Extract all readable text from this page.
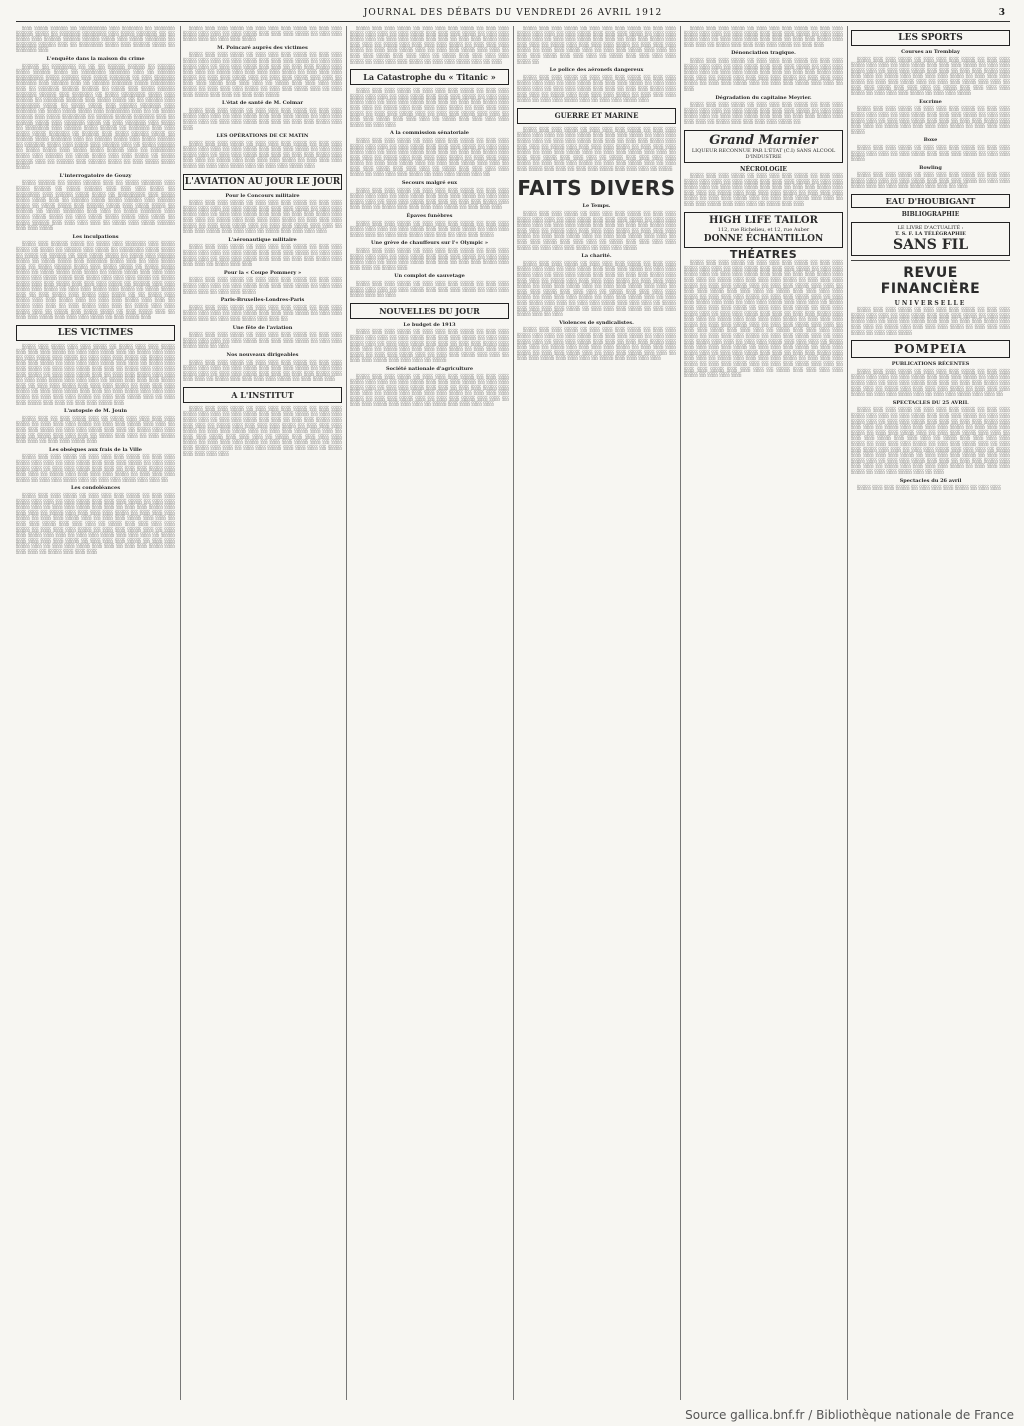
JOURNAL DES DÉBATS DU VENDREDI 26 AVRIL 1912	3
░░░ ░░░░ ░░░░░ ░░ ░░░░░░░░ ░░░ ░░░░░░ ░░ ░░░░░░ ░░░░░ ░░░░ ░░ ░░░░░░ ░░░░░░░ ░░░ ░░░░ ░░░░░░ ░░ ░░ ░░░░ ░░░ ░░░░░ ░░░░░ ░░░░░ ░░░░ ░░░ ░░░░ ░░░░░░ ░░ ░░░░░░ ░░░░░ ░░░ ░░ ░░░░░░░ ░░░░ ░░░ ░░░░░ ░░░░ ░░ ░░░░░░ ░░░
L'enquête dans la maison du crime
░░░░░ ░░ ░░░░░░░ ░░ ░░ ░░ ░░░░░ ░░░░░ ░░ ░░░░░ ░░░░ ░░░░░ ░░░░ ░░ ░░░░░░░ ░░░░░░ ░░░ ░░ ░░░░░ ░░░░░░░░ ░░░░ ░░░░░ ░░░ ░░░░ ░░░░░░ ░░ ░░░ ░░░░░░ ░░░░░░ ░░░ ░░░░░ ░░░ ░░ ░░░░░ ░░░░░░ ░░░░ ░░░░░░░ ░░░ ░░ ░░░░░░ ░░░░░ ░░░░░ ░░ ░░░░ ░░░ ░░░░ ░░░░░ ░░░░░░ ░░░░░ ░░░ ░░░░░░ ░░ ░░░░ ░░░░░░░ ░░░░ ░░░ ░░░░░ ░░ ░░░░░░ ░░░░░ ░░░ ░░░░ ░░░░ ░░ ░░ ░░░░░ ░░░ ░░░░░░░ ░░░░ ░░ ░░░░ ░░░░ ░░░ ░░░░░ ░░░░░░ ░░░ ░░░░░░ ░░ ░░░░ ░░░░ ░░░░ ░░░ ░░░░░░░ ░░░ ░░ ░░ ░░░░ ░░░░░ ░░░ ░░░░ ░░░░░░░ ░░ ░░░░░ ░░░░░ ░░░░░░ ░░░ ░░ ░░░░░ ░░░░ ░░░ ░░░░░░ ░░░░ ░░ ░░░ ░░░░░░ ░░░ ░░░░ ░░ ░░░░░░░ ░░░ ░░░░░ ░░░░ ░░░░░ ░░ ░░░░░░ ░░░ ░░░ ░░░░ ░░░░ ░░░░░░ ░░ ░░░░░ ░░░ ░░░░ ░░░░░ ░░░░ ░░ ░░░░░ ░░░░ ░░░░░░ ░░░ ░░ ░░░░░ ░░░░ ░░░ ░░░░ ░░░░░ ░░ ░░░░░░ ░░░░ ░░░ ░░░░ ░░░ ░░░░░ ░░░ ░░ ░░░░ ░░░░░ ░░ ░░░░ ░░░░ ░░░ ░░░░ ░░░░ ░░░░░ ░░░ ░░ ░░░░░░░ ░░░░ ░░░ ░░░░░ ░░ ░░░░ ░░░░ ░░░ ░░░ ░░░░ ░░ ░░░░ ░░░░░ ░░░ ░░ ░░░░░ ░░░ ░░░░░ ░░░░ ░░ ░░░ ░░░░ ░░░░ ░░░░
L'interrogatoire de Gouzy
░░░░ ░░░░░ ░░ ░░░░ ░░░░░ ░░░ ░░ ░░░░ ░░░░░░ ░░░ ░░░░ ░░░░░ ░░ ░░░░ ░░░░░ ░░░ ░░░ ░░░ ░░░░ ░░ ░░░░░░░ ░░░ ░░░░░ ░░░░ ░░░░ ░░ ░░░░░░░░ ░░░ ░░░░ ░░░░ ░░░░ ░░░ ░░ ░░░░░ ░░░░ ░░░░ ░░░░░ ░░░ ░░░░░ ░░░░ ░░ ░░░░ ░░░░ ░░░ ░░░░░ ░░░░ ░░░ ░░░░ ░░░░ ░░ ░░░░░ ░░ ░░░░ ░░░░░░ ░░░ ░░░ ░░ ░░░░ ░░░░░░ ░░░ ░░░░ ░░░░ ░░░░ ░░ ░░░ ░░░░ ░░░░ ░░░░ ░░░ ░░░░ ░░ ░░░░ ░░░░░ ░░░ ░░░ ░░░ ░░░ ░░ ░░░░ ░░░ ░░░░ ░░░░░ ░░░ ░░░ ░░░░
Les inculpations
░░░░ ░░░ ░░░░░ ░░░░ ░░ ░░░░ ░░░ ░░░░░░ ░░░ ░░░░ ░░░░ ░░ ░░░░ ░░ ░░░░░ ░░░ ░░░░ ░░ ░░░░░░░ ░░░░ ░░░░ ░░ ░░░░ ░░ ░░░░░ ░░ ░░░ ░░░░ ░░░░ ░░ ░░░░ ░░░ ░░░░░ ░░░░ ░░ ░░░░ ░░░░ ░░░ ░░░░░░ ░░░░ ░░░ ░░ ░░░ ░░░░ ░░░ ░░ ░░░░ ░░░░░ ░░░░ ░░░ ░░░░ ░░░░ ░░ ░░░░ ░░░░ ░░░░ ░░ ░░░░ ░░░░ ░░░ ░░░░ ░░ ░░░░ ░░░░ ░░░ ░░░ ░░░ ░░░░ ░░░ ░░░░ ░░░░ ░░░ ░░░░ ░░░ ░░░ ░░░ ░░░░ ░░ ░░░░ ░░░░ ░░░ ░░░ ░░░░ ░░░ ░░░ ░░░ ░░░░ ░░ ░░░░░ ░░░ ░░░ ░░░░ ░░░ ░░░░ ░░ ░░░ ░░░ ░░░░ ░░░ ░░░░ ░░ ░░░░ ░░░░ ░░░ ░░ ░░░ ░░░░ ░░░ ░░░░ ░░░ ░░░░ ░░ ░░ ░░░░ ░░░ ░░░░ ░░░ ░░░ ░░░░ ░░░ ░░ ░░░ ░░░ ░░░░ ░░░ ░░░ ░░ ░░░░ ░░░ ░░░ ░░ ░░░ ░░░░ ░░░ ░░░ ░░ ░░░░ ░░░ ░░░ ░░░░ ░░░ ░░ ░░░░ ░░░ ░░░░ ░░░░ ░░ ░░░ ░░░░ ░░░ ░░ ░░░ ░░░ ░░░░ ░░░ ░░░ ░░░ ░░░░ ░░ ░░░ ░░░░ ░░░
LES VICTIMES
░░░░ ░░░ ░░░░ ░░░ ░░░ ░░░░ ░░ ░░░░ ░░░ ░░░ ░░░░ ░░░ ░░░ ░░░ ░░░░ ░░ ░░░ ░░░ ░░░░ ░░░ ░░ ░░░░ ░░░ ░░░ ░░ ░░░ ░░░░ ░░░ ░░░░ ░░ ░░░ ░░░ ░░░ ░░░░ ░░ ░░░░ ░░░ ░░░ ░░░ ░░░░ ░░ ░░░ ░░░ ░░░ ░░░░ ░░░ ░░░ ░░ ░░░░ ░░░ ░░░ ░░░░ ░░ ░░░ ░░░ ░░░░ ░░░ ░░░ ░░ ░░░░ ░░░ ░░░ ░░░ ░░░ ░░░░ ░░ ░░░ ░░░ ░░░░ ░░░ ░░ ░░░ ░░░ ░░░░ ░░░ ░░░ ░░ ░░░ ░░░ ░░░░ ░░░ ░░░ ░░░ ░░ ░░░░ ░░░ ░░░ ░░░ ░░░░ ░░░ ░░ ░░░ ░░░ ░░░░ ░░░ ░░░ ░░░ ░░░░ ░░ ░░░ ░░░ ░░░ ░░░░ ░░ ░░░ ░░░ ░░░░ ░░░ ░░░ ░░ ░░░ ░░░░ ░░░ ░░░ ░░░ ░░░░ ░░ ░░░ ░░░ ░░░ ░░░░ ░░ ░░░ ░░░ ░░░░ ░░░ ░░ ░░░ ░░░ ░░░░ ░░░ ░░░ ░░ ░░░ ░░░ ░░░░ ░░░
L'autopsie de M. Jouin
░░░░ ░░░ ░░ ░░░ ░░░░ ░░░ ░░ ░░░░ ░░░ ░░░ ░░░ ░░░ ░░░░ ░░ ░░░ ░░░ ░░░ ░░░░ ░░ ░░░ ░░░ ░░░░ ░░░ ░░░ ░░ ░░░ ░░░ ░░░░ ░░ ░░░ ░░░ ░░░░ ░░░ ░░░ ░░ ░░░░ ░░░ ░░░ ░░░ ░░ ░░░░ ░░░ ░░░ ░░░ ░░ ░░░░ ░░░ ░░░ ░░ ░░░ ░░░░ ░░░ ░░░ ░░ ░░░ ░░░ ░░░░ ░░░
Les obsèques aux frais de la Ville
░░░░ ░░░ ░░░ ░░░░ ░░ ░░░ ░░░ ░░░ ░░░░ ░░ ░░░ ░░░ ░░░░ ░░░ ░░░ ░░ ░░░ ░░░░ ░░░ ░░░ ░░░ ░░░░ ░░ ░░░ ░░░ ░░░░ ░░░ ░░ ░░░ ░░░ ░░░░ ░░░ ░░░ ░░ ░░░ ░░░ ░░░░ ░░░ ░░░ ░░░ ░░ ░░░░ ░░░ ░░░ ░░░ ░░░ ░░░░ ░░ ░░░ ░░░ ░░░ ░░░░ ░░ ░░░ ░░░ ░░░░ ░░░ ░░ ░░░ ░░░ ░░░░ ░░░ ░░░ ░░
Les condoléances
░░░░ ░░░ ░░░ ░░░░ ░░ ░░░ ░░░ ░░░ ░░░░ ░░ ░░░ ░░░ ░░░░ ░░░ ░░░ ░░ ░░░ ░░░░ ░░░ ░░░ ░░░ ░░░░ ░░ ░░░ ░░░ ░░░░ ░░░ ░░ ░░░ ░░░ ░░░░ ░░░ ░░░ ░░ ░░░ ░░░ ░░░░ ░░░ ░░░ ░░░ ░░ ░░░░ ░░░ ░░░ ░░░ ░░░ ░░░░ ░░ ░░░ ░░░ ░░░ ░░░░ ░░ ░░░ ░░░ ░░░░ ░░░ ░░ ░░░ ░░░ ░░░░ ░░░ ░░░ ░░ ░░░ ░░░ ░░░░ ░░░ ░░░ ░░░ ░░ ░░░░ ░░░ ░░░ ░░░ ░░░ ░░░░ ░░ ░░░ ░░░ ░░░ ░░░░ ░░ ░░░ ░░░ ░░░░ ░░░ ░░ ░░░ ░░░ ░░░░ ░░░ ░░░ ░░ ░░░ ░░░ ░░░░ ░░░ ░░░ ░░░ ░░ ░░░░ ░░░ ░░░ ░░░ ░░░ ░░░░ ░░ ░░░ ░░░ ░░░ ░░░░ ░░ ░░░ ░░░ ░░░░ ░░░ ░░ ░░░ ░░░ ░░░░ ░░░ ░░░ ░░ ░░░ ░░░ ░░░░ ░░░ ░░░ ░░░ ░░ ░░░░ ░░░ ░░░ ░░░
░░░░ ░░░ ░░░ ░░░░ ░░ ░░░ ░░░ ░░░ ░░░░ ░░ ░░░ ░░░ ░░░░ ░░░ ░░░ ░░ ░░░ ░░░░ ░░░ ░░░ ░░░ ░░░░ ░░ ░░░ ░░░ ░░░░ ░░░ ░░ ░░░ ░░░ ░░░░
M. Poincaré auprès des victimes
░░░░ ░░░ ░░░ ░░░░ ░░ ░░░ ░░░ ░░░ ░░░░ ░░ ░░░ ░░░ ░░░░ ░░░ ░░░ ░░ ░░░ ░░░░ ░░░ ░░░ ░░░ ░░░░ ░░ ░░░ ░░░ ░░░░ ░░░ ░░ ░░░ ░░░ ░░░░ ░░░ ░░░ ░░ ░░░ ░░░ ░░░░ ░░░ ░░░ ░░░ ░░ ░░░░ ░░░ ░░░ ░░░ ░░░ ░░░░ ░░ ░░░ ░░░ ░░░ ░░░░ ░░ ░░░ ░░░ ░░░░ ░░░ ░░ ░░░ ░░░ ░░░░ ░░░ ░░░ ░░ ░░░ ░░░ ░░░░ ░░░ ░░░ ░░░ ░░ ░░░░ ░░░ ░░░ ░░░ ░░░ ░░░░ ░░ ░░░ ░░░ ░░░ ░░░░ ░░ ░░░ ░░░ ░░░░ ░░░ ░░ ░░░ ░░░ ░░░░ ░░░ ░░░ ░░ ░░░ ░░░ ░░░░
L'état de santé de M. Colmar
░░░░ ░░░ ░░░ ░░░░ ░░ ░░░ ░░░ ░░░ ░░░░ ░░ ░░░ ░░░ ░░░░ ░░░ ░░░ ░░ ░░░ ░░░░ ░░░ ░░░ ░░░ ░░░░ ░░ ░░░ ░░░ ░░░░ ░░░ ░░ ░░░ ░░░ ░░░░ ░░░ ░░░ ░░ ░░░ ░░░ ░░░░ ░░░ ░░░
LES OPÉRATIONS DE CE MATIN
░░░░ ░░░ ░░░ ░░░░ ░░ ░░░ ░░░ ░░░ ░░░░ ░░ ░░░ ░░░ ░░░░ ░░░ ░░░ ░░ ░░░ ░░░░ ░░░ ░░░ ░░░ ░░░░ ░░ ░░░ ░░░ ░░░░ ░░░ ░░ ░░░ ░░░ ░░░░ ░░░ ░░░ ░░ ░░░ ░░░ ░░░░ ░░░ ░░░ ░░░ ░░ ░░░░ ░░░ ░░░ ░░░ ░░░ ░░░░ ░░ ░░░ ░░░ ░░░ ░░░░ ░░ ░░░ ░░░ ░░░░ ░░░ ░░ ░░░ ░░░ ░░░░ ░░░
L'AVIATION AU JOUR LE JOUR
Pour le Concours militaire
░░░░ ░░░ ░░░ ░░░░ ░░ ░░░ ░░░ ░░░ ░░░░ ░░ ░░░ ░░░ ░░░░ ░░░ ░░░ ░░ ░░░ ░░░░ ░░░ ░░░ ░░░ ░░░░ ░░ ░░░ ░░░ ░░░░ ░░░ ░░ ░░░ ░░░ ░░░░ ░░░ ░░░ ░░ ░░░ ░░░ ░░░░ ░░░ ░░░ ░░░ ░░ ░░░░ ░░░ ░░░ ░░░ ░░░ ░░░░ ░░ ░░░ ░░░ ░░░ ░░░░ ░░ ░░░ ░░░ ░░░░ ░░░ ░░ ░░░ ░░░ ░░░░ ░░░ ░░░ ░░ ░░░ ░░░ ░░░░ ░░░ ░░░ ░░░ ░░ ░░░░ ░░░ ░░░ ░░░ ░░░
L'aéronautique militaire
░░░░ ░░░ ░░░ ░░░░ ░░ ░░░ ░░░ ░░░ ░░░░ ░░ ░░░ ░░░ ░░░░ ░░░ ░░░ ░░ ░░░ ░░░░ ░░░ ░░░ ░░░ ░░░░ ░░ ░░░ ░░░ ░░░░ ░░░ ░░ ░░░ ░░░ ░░░░ ░░░ ░░░ ░░ ░░░ ░░░ ░░░░ ░░░ ░░░ ░░░ ░░ ░░░░ ░░░ ░░░
Pour la « Coupe Pommery »
░░░░ ░░░ ░░░ ░░░░ ░░ ░░░ ░░░ ░░░ ░░░░ ░░ ░░░ ░░░ ░░░░ ░░░ ░░░ ░░ ░░░ ░░░░ ░░░ ░░░ ░░░ ░░░░ ░░ ░░░ ░░░ ░░░░ ░░░ ░░ ░░░ ░░░ ░░░░
Paris-Bruxelles-Londres-Paris
░░░░ ░░░ ░░░ ░░░░ ░░ ░░░ ░░░ ░░░ ░░░░ ░░ ░░░ ░░░ ░░░░ ░░░ ░░░ ░░ ░░░ ░░░░ ░░░ ░░░ ░░░ ░░░░ ░░ ░░░ ░░░ ░░░░ ░░░ ░░ ░░░ ░░░ ░░░░ ░░░ ░░░ ░░
Une fête de l'aviation
░░░░ ░░░ ░░░ ░░░░ ░░ ░░░ ░░░ ░░░ ░░░░ ░░ ░░░ ░░░ ░░░░ ░░░ ░░░ ░░ ░░░ ░░░░ ░░░ ░░░ ░░░ ░░░░ ░░ ░░░ ░░░ ░░░░ ░░░ ░░ ░░░
Nos nouveaux dirigeables
░░░░ ░░░ ░░░ ░░░░ ░░ ░░░ ░░░ ░░░ ░░░░ ░░ ░░░ ░░░ ░░░░ ░░░ ░░░ ░░ ░░░ ░░░░ ░░░ ░░░ ░░░ ░░░░ ░░ ░░░ ░░░ ░░░░ ░░░ ░░ ░░░ ░░░ ░░░░ ░░░ ░░░ ░░ ░░░ ░░░ ░░░░ ░░░ ░░░ ░░░ ░░ ░░░░ ░░░ ░░░ ░░░ ░░░ ░░░░ ░░ ░░░ ░░░ ░░░
A L'INSTITUT
░░░░ ░░░ ░░░ ░░░░ ░░ ░░░ ░░░ ░░░ ░░░░ ░░ ░░░ ░░░ ░░░░ ░░░ ░░░ ░░ ░░░ ░░░░ ░░░ ░░░ ░░░ ░░░░ ░░ ░░░ ░░░ ░░░░ ░░░ ░░ ░░░ ░░░ ░░░░ ░░░ ░░░ ░░ ░░░ ░░░ ░░░░ ░░░ ░░░ ░░░ ░░ ░░░░ ░░░ ░░░ ░░░ ░░░ ░░░░ ░░ ░░░ ░░░ ░░░ ░░░░ ░░ ░░░ ░░░ ░░░░ ░░░ ░░ ░░░ ░░░ ░░░░ ░░░ ░░░ ░░ ░░░ ░░░ ░░░░ ░░░ ░░░ ░░░ ░░ ░░░░ ░░░ ░░░ ░░░ ░░░ ░░░░ ░░ ░░░ ░░░ ░░░ ░░░░ ░░ ░░░ ░░░ ░░░░ ░░░ ░░ ░░░ ░░░ ░░░░ ░░░ ░░░ ░░ ░░░ ░░░ ░░░░ ░░░ ░░░ ░░░ ░░ ░░░░ ░░░ ░░░ ░░░ ░░░
░░░░ ░░░ ░░░ ░░░░ ░░ ░░░ ░░░ ░░░ ░░░░ ░░ ░░░ ░░░ ░░░░ ░░░ ░░░ ░░ ░░░ ░░░░ ░░░ ░░░ ░░░ ░░░░ ░░ ░░░ ░░░ ░░░░ ░░░ ░░ ░░░ ░░░ ░░░░ ░░░ ░░░ ░░ ░░░ ░░░ ░░░░ ░░░ ░░░ ░░░ ░░ ░░░░ ░░░ ░░░ ░░░ ░░░ ░░░░ ░░ ░░░ ░░░ ░░░ ░░░░ ░░ ░░░ ░░░ ░░░░ ░░░ ░░ ░░░ ░░░ ░░░░ ░░░ ░░░ ░░ ░░░ ░░░ ░░░░ ░░░ ░░░ ░░░ ░░ ░░░░ ░░░ ░░░ ░░░ ░░░ ░░░░ ░░ ░░░ ░░░ ░░░ ░░░░ ░░ ░░░ ░░░ ░░░░ ░░░ ░░ ░░░
La Catastrophe du « Titanic »
░░░░ ░░░ ░░░ ░░░░ ░░ ░░░ ░░░ ░░░ ░░░░ ░░ ░░░ ░░░ ░░░░ ░░░ ░░░ ░░ ░░░ ░░░░ ░░░ ░░░ ░░░ ░░░░ ░░ ░░░ ░░░ ░░░░ ░░░ ░░ ░░░ ░░░ ░░░░ ░░░ ░░░ ░░ ░░░ ░░░ ░░░░ ░░░ ░░░ ░░░ ░░ ░░░░ ░░░ ░░░ ░░░ ░░░ ░░░░ ░░ ░░░ ░░░ ░░░ ░░░░ ░░ ░░░ ░░░ ░░░░ ░░░ ░░ ░░░ ░░░ ░░░░ ░░░ ░░░ ░░ ░░░ ░░░ ░░░░ ░░░ ░░░ ░░░ ░░ ░░░░ ░░░ ░░░ ░░░ ░░░ ░░░░ ░░ ░░░ ░░░
A la commission sénatoriale
░░░░ ░░░ ░░░ ░░░░ ░░ ░░░ ░░░ ░░░ ░░░░ ░░ ░░░ ░░░ ░░░░ ░░░ ░░░ ░░ ░░░ ░░░░ ░░░ ░░░ ░░░ ░░░░ ░░ ░░░ ░░░ ░░░░ ░░░ ░░ ░░░ ░░░ ░░░░ ░░░ ░░░ ░░ ░░░ ░░░ ░░░░ ░░░ ░░░ ░░░ ░░ ░░░░ ░░░ ░░░ ░░░ ░░░ ░░░░ ░░ ░░░ ░░░ ░░░ ░░░░ ░░ ░░░ ░░░ ░░░░ ░░░ ░░ ░░░ ░░░ ░░░░ ░░░ ░░░ ░░ ░░░ ░░░ ░░░░ ░░░ ░░░ ░░░ ░░ ░░░░ ░░░ ░░░ ░░░ ░░░ ░░░░ ░░ ░░░ ░░░ ░░░ ░░░░ ░░ ░░░ ░░░ ░░░░ ░░░ ░░
Secours malgré eux
░░░░ ░░░ ░░░ ░░░░ ░░ ░░░ ░░░ ░░░ ░░░░ ░░ ░░░ ░░░ ░░░░ ░░░ ░░░ ░░ ░░░ ░░░░ ░░░ ░░░ ░░░ ░░░░ ░░ ░░░ ░░░ ░░░░ ░░░ ░░ ░░░ ░░░ ░░░░ ░░░ ░░░ ░░ ░░░ ░░░ ░░░░ ░░░ ░░░ ░░░ ░░ ░░░░ ░░░ ░░░ ░░░ ░░░ ░░░░ ░░ ░░░ ░░░ ░░░
Épaves funèbres
░░░░ ░░░ ░░░ ░░░░ ░░ ░░░ ░░░ ░░░ ░░░░ ░░ ░░░ ░░░ ░░░░ ░░░ ░░░ ░░ ░░░ ░░░░ ░░░ ░░░ ░░░ ░░░░ ░░ ░░░ ░░░ ░░░░ ░░░ ░░ ░░░ ░░░ ░░░░ ░░░ ░░░ ░░ ░░░ ░░░ ░░░░
Une grève de chauffeurs sur l'« Olympic »
░░░░ ░░░ ░░░ ░░░░ ░░ ░░░ ░░░ ░░░ ░░░░ ░░ ░░░ ░░░ ░░░░ ░░░ ░░░ ░░ ░░░ ░░░░ ░░░ ░░░ ░░░ ░░░░ ░░ ░░░ ░░░ ░░░░ ░░░ ░░ ░░░ ░░░ ░░░░ ░░░ ░░░ ░░ ░░░ ░░░ ░░░░ ░░░ ░░░ ░░░ ░░ ░░░░ ░░░
Un complot de sauvetage
░░░░ ░░░ ░░░ ░░░░ ░░ ░░░ ░░░ ░░░ ░░░░ ░░ ░░░ ░░░ ░░░░ ░░░ ░░░ ░░ ░░░ ░░░░ ░░░ ░░░ ░░░ ░░░░ ░░ ░░░ ░░░ ░░░░ ░░░ ░░ ░░░
NOUVELLES DU JOUR
Le budget de 1913
░░░░ ░░░ ░░░ ░░░░ ░░ ░░░ ░░░ ░░░ ░░░░ ░░ ░░░ ░░░ ░░░░ ░░░ ░░░ ░░ ░░░ ░░░░ ░░░ ░░░ ░░░ ░░░░ ░░ ░░░ ░░░ ░░░░ ░░░ ░░ ░░░ ░░░ ░░░░ ░░░ ░░░ ░░ ░░░ ░░░ ░░░░ ░░░ ░░░ ░░░ ░░ ░░░░ ░░░ ░░░ ░░░ ░░░ ░░░░ ░░ ░░░ ░░░ ░░░ ░░░░ ░░ ░░░ ░░░ ░░░░ ░░░ ░░ ░░░ ░░░ ░░░░ ░░░ ░░░ ░░ ░░░ ░░░ ░░░░ ░░░ ░░░ ░░░ ░░ ░░░░
Société nationale d'agriculture
░░░░ ░░░ ░░░ ░░░░ ░░ ░░░ ░░░ ░░░ ░░░░ ░░ ░░░ ░░░ ░░░░ ░░░ ░░░ ░░ ░░░ ░░░░ ░░░ ░░░ ░░░ ░░░░ ░░ ░░░ ░░░ ░░░░ ░░░ ░░ ░░░ ░░░ ░░░░ ░░░ ░░░ ░░ ░░░ ░░░ ░░░░ ░░░ ░░░ ░░░ ░░ ░░░░ ░░░ ░░░ ░░░ ░░░ ░░░░ ░░ ░░░ ░░░ ░░░ ░░░░ ░░ ░░░ ░░░ ░░░░ ░░░ ░░ ░░░ ░░░ ░░░░ ░░░ ░░░ ░░ ░░░ ░░░ ░░░░ ░░░ ░░░ ░░░ ░░ ░░░░ ░░░ ░░░ ░░░ ░░░
░░░░ ░░░ ░░░ ░░░░ ░░ ░░░ ░░░ ░░░ ░░░░ ░░ ░░░ ░░░ ░░░░ ░░░ ░░░ ░░ ░░░ ░░░░ ░░░ ░░░ ░░░ ░░░░ ░░ ░░░ ░░░ ░░░░ ░░░ ░░ ░░░ ░░░ ░░░░ ░░░ ░░░ ░░ ░░░ ░░░ ░░░░ ░░░ ░░░ ░░░ ░░ ░░░░ ░░░ ░░░ ░░░ ░░░ ░░░░ ░░ ░░░ ░░░ ░░░ ░░░░ ░░ ░░░ ░░░ ░░░░ ░░░ ░░ ░░░ ░░░ ░░░░ ░░░ ░░░ ░░ ░░░ ░░░ ░░░░ ░░░ ░░░ ░░░ ░░ ░░░░ ░░░ ░░░ ░░░ ░░░ ░░░░ ░░
Le police des aéronefs dangereux
░░░░ ░░░ ░░░ ░░░░ ░░ ░░░ ░░░ ░░░ ░░░░ ░░ ░░░ ░░░ ░░░░ ░░░ ░░░ ░░ ░░░ ░░░░ ░░░ ░░░ ░░░ ░░░░ ░░ ░░░ ░░░ ░░░░ ░░░ ░░ ░░░ ░░░ ░░░░ ░░░ ░░░ ░░ ░░░ ░░░ ░░░░ ░░░ ░░░ ░░░ ░░ ░░░░ ░░░ ░░░ ░░░ ░░░ ░░░░ ░░ ░░░ ░░░ ░░░ ░░░░ ░░ ░░░ ░░░ ░░░░ ░░░ ░░ ░░░ ░░░ ░░░░ ░░░
GUERRE ET MARINE
░░░░ ░░░ ░░░ ░░░░ ░░ ░░░ ░░░ ░░░ ░░░░ ░░ ░░░ ░░░ ░░░░ ░░░ ░░░ ░░ ░░░ ░░░░ ░░░ ░░░ ░░░ ░░░░ ░░ ░░░ ░░░ ░░░░ ░░░ ░░ ░░░ ░░░ ░░░░ ░░░ ░░░ ░░ ░░░ ░░░ ░░░░ ░░░ ░░░ ░░░ ░░ ░░░░ ░░░ ░░░ ░░░ ░░░ ░░░░ ░░ ░░░ ░░░ ░░░ ░░░░ ░░ ░░░ ░░░ ░░░░ ░░░ ░░ ░░░ ░░░ ░░░░ ░░░ ░░░ ░░ ░░░ ░░░ ░░░░ ░░░ ░░░ ░░░ ░░ ░░░░ ░░░ ░░░ ░░░ ░░░ ░░░░ ░░ ░░░ ░░░ ░░░ ░░░░ ░░ ░░░ ░░░ ░░░░ ░░░ ░░ ░░░ ░░░ ░░░░ ░░░ ░░░ ░░ ░░░ ░░░ ░░░░ ░░░ ░░░ ░░░ ░░ ░░░░
FAITS DIVERS
Le Temps.
░░░░ ░░░ ░░░ ░░░░ ░░ ░░░ ░░░ ░░░ ░░░░ ░░ ░░░ ░░░ ░░░░ ░░░ ░░░ ░░ ░░░ ░░░░ ░░░ ░░░ ░░░ ░░░░ ░░ ░░░ ░░░ ░░░░ ░░░ ░░ ░░░ ░░░ ░░░░ ░░░ ░░░ ░░ ░░░ ░░░ ░░░░ ░░░ ░░░ ░░░ ░░ ░░░░ ░░░ ░░░ ░░░ ░░░ ░░░░ ░░ ░░░ ░░░ ░░░ ░░░░ ░░ ░░░ ░░░ ░░░░ ░░░ ░░ ░░░ ░░░ ░░░░ ░░░ ░░░ ░░ ░░░ ░░░ ░░░░ ░░░ ░░░ ░░░ ░░ ░░░░ ░░░ ░░░ ░░░ ░░░ ░░░░ ░░ ░░░ ░░░ ░░░ ░░░░ ░░ ░░░ ░░░ ░░░░
La charité.
░░░░ ░░░ ░░░ ░░░░ ░░ ░░░ ░░░ ░░░ ░░░░ ░░ ░░░ ░░░ ░░░░ ░░░ ░░░ ░░ ░░░ ░░░░ ░░░ ░░░ ░░░ ░░░░ ░░ ░░░ ░░░ ░░░░ ░░░ ░░ ░░░ ░░░ ░░░░ ░░░ ░░░ ░░ ░░░ ░░░ ░░░░ ░░░ ░░░ ░░░ ░░ ░░░░ ░░░ ░░░ ░░░ ░░░ ░░░░ ░░ ░░░ ░░░ ░░░ ░░░░ ░░ ░░░ ░░░ ░░░░ ░░░ ░░ ░░░ ░░░ ░░░░ ░░░ ░░░ ░░ ░░░ ░░░ ░░░░ ░░░ ░░░ ░░░ ░░ ░░░░ ░░░ ░░░ ░░░ ░░░ ░░░░ ░░ ░░░ ░░░ ░░░ ░░░░ ░░ ░░░ ░░░ ░░░░ ░░░ ░░ ░░░ ░░░ ░░░░ ░░░ ░░░ ░░ ░░░ ░░░ ░░░░ ░░░ ░░░ ░░░ ░░ ░░░░ ░░░ ░░░ ░░░ ░░░ ░░░░ ░░ ░░░ ░░░ ░░░ ░░░░ ░░ ░░░ ░░░ ░░░░ ░░░ ░░ ░░░
Violences de syndicalistes.
░░░░ ░░░ ░░░ ░░░░ ░░ ░░░ ░░░ ░░░ ░░░░ ░░ ░░░ ░░░ ░░░░ ░░░ ░░░ ░░ ░░░ ░░░░ ░░░ ░░░ ░░░ ░░░░ ░░ ░░░ ░░░ ░░░░ ░░░ ░░ ░░░ ░░░ ░░░░ ░░░ ░░░ ░░ ░░░ ░░░ ░░░░ ░░░ ░░░ ░░░ ░░ ░░░░ ░░░ ░░░ ░░░ ░░░ ░░░░ ░░ ░░░ ░░░ ░░░ ░░░░ ░░ ░░░ ░░░ ░░░░ ░░░ ░░ ░░░ ░░░ ░░░░ ░░░ ░░░ ░░ ░░░ ░░░ ░░░░ ░░░ ░░░ ░░░ ░░ ░░░░ ░░░ ░░░ ░░░ ░░░
░░░░ ░░░ ░░░ ░░░░ ░░ ░░░ ░░░ ░░░ ░░░░ ░░ ░░░ ░░░ ░░░░ ░░░ ░░░ ░░ ░░░ ░░░░ ░░░ ░░░ ░░░ ░░░░ ░░ ░░░ ░░░ ░░░░ ░░░ ░░ ░░░ ░░░ ░░░░ ░░░ ░░░ ░░ ░░░ ░░░ ░░░░ ░░░ ░░░ ░░░ ░░ ░░░░ ░░░ ░░░ ░░░ ░░░ ░░░░ ░░ ░░░ ░░░
Dénonciation tragique.
░░░░ ░░░ ░░░ ░░░░ ░░ ░░░ ░░░ ░░░ ░░░░ ░░ ░░░ ░░░ ░░░░ ░░░ ░░░ ░░ ░░░ ░░░░ ░░░ ░░░ ░░░ ░░░░ ░░ ░░░ ░░░ ░░░░ ░░░ ░░ ░░░ ░░░ ░░░░ ░░░ ░░░ ░░ ░░░ ░░░ ░░░░ ░░░ ░░░ ░░░ ░░ ░░░░ ░░░ ░░░ ░░░ ░░░ ░░░░ ░░ ░░░ ░░░ ░░░ ░░░░ ░░ ░░░ ░░░ ░░░░ ░░░ ░░ ░░░ ░░░ ░░░░ ░░░ ░░░ ░░ ░░░
Dégradation du capitaine Meyrier.
░░░░ ░░░ ░░░ ░░░░ ░░ ░░░ ░░░ ░░░ ░░░░ ░░ ░░░ ░░░ ░░░░ ░░░ ░░░ ░░ ░░░ ░░░░ ░░░ ░░░ ░░░ ░░░░ ░░ ░░░ ░░░ ░░░░ ░░░ ░░ ░░░ ░░░ ░░░░ ░░░ ░░░ ░░ ░░░ ░░░ ░░░░ ░░░ ░░░ ░░░ ░░ ░░░░ ░░░ ░░░ ░░░ ░░░ ░░░░ ░░
Grand Marnier
LIQUEUR RECONNUE PAR L'ÉTAT (C.I) SANS ALCOOL D'INDUSTRIE
NÉCROLOGIE
░░░░ ░░░ ░░░ ░░░░ ░░ ░░░ ░░░ ░░░ ░░░░ ░░ ░░░ ░░░ ░░░░ ░░░ ░░░ ░░ ░░░ ░░░░ ░░░ ░░░ ░░░ ░░░░ ░░ ░░░ ░░░ ░░░░ ░░░ ░░ ░░░ ░░░ ░░░░ ░░░ ░░░ ░░ ░░░ ░░░ ░░░░ ░░░ ░░░ ░░░ ░░ ░░░░ ░░░ ░░░ ░░░ ░░░ ░░░░ ░░ ░░░ ░░░ ░░░ ░░░░ ░░ ░░░ ░░░ ░░░░ ░░░ ░░ ░░░ ░░░ ░░░░ ░░░ ░░░ ░░ ░░░ ░░░ ░░░░ ░░░ ░░░ ░░░ ░░ ░░░░ ░░░ ░░░
HIGH LIFE TAILOR
112, rue Richelieu, et 12, rue Auber
DONNE ÉCHANTILLON
THÉATRES
░░░░ ░░░ ░░░ ░░░░ ░░ ░░░ ░░░ ░░░ ░░░░ ░░ ░░░ ░░░ ░░░░ ░░░ ░░░ ░░ ░░░ ░░░░ ░░░ ░░░ ░░░ ░░░░ ░░ ░░░ ░░░ ░░░░ ░░░ ░░ ░░░ ░░░ ░░░░ ░░░ ░░░ ░░ ░░░ ░░░ ░░░░ ░░░ ░░░ ░░░ ░░ ░░░░ ░░░ ░░░ ░░░ ░░░ ░░░░ ░░ ░░░ ░░░ ░░░ ░░░░ ░░ ░░░ ░░░ ░░░░ ░░░ ░░ ░░░ ░░░ ░░░░ ░░░ ░░░ ░░ ░░░ ░░░ ░░░░ ░░░ ░░░ ░░░ ░░ ░░░░ ░░░ ░░░ ░░░ ░░░ ░░░░ ░░ ░░░ ░░░ ░░░ ░░░░ ░░ ░░░ ░░░ ░░░░ ░░░ ░░ ░░░ ░░░ ░░░░ ░░░ ░░░ ░░ ░░░ ░░░ ░░░░ ░░░ ░░░ ░░░ ░░ ░░░░ ░░░ ░░░ ░░░ ░░░ ░░░░ ░░ ░░░ ░░░ ░░░ ░░░░ ░░ ░░░ ░░░ ░░░░ ░░░ ░░ ░░░ ░░░ ░░░░ ░░░ ░░░ ░░ ░░░ ░░░ ░░░░ ░░░ ░░░ ░░░ ░░ ░░░░ ░░░ ░░░ ░░░ ░░░ ░░░░ ░░ ░░░ ░░░ ░░░ ░░░░ ░░ ░░░ ░░░ ░░░░ ░░░ ░░ ░░░ ░░░ ░░░░ ░░░ ░░░ ░░ ░░░ ░░░ ░░░░ ░░░ ░░░ ░░░ ░░ ░░░░ ░░░ ░░░ ░░░ ░░░ ░░░░ ░░ ░░░ ░░░ ░░░ ░░░░ ░░ ░░░ ░░░ ░░░░ ░░░ ░░ ░░░ ░░░ ░░░░ ░░░ ░░░ ░░ ░░░ ░░░ ░░░░ ░░░ ░░░ ░░░ ░░ ░░░░ ░░░ ░░░ ░░░ ░░░ ░░░░ ░░ ░░░ ░░░ ░░░ ░░░░ ░░ ░░░ ░░░ ░░░░ ░░░ ░░ ░░░ ░░░ ░░░░ ░░░ ░░░ ░░ ░░░ ░░░ ░░░░ ░░░ ░░░ ░░░ ░░ ░░░░ ░░░ ░░░ ░░░ ░░░ ░░░░ ░░ ░░░ ░░░ ░░░ ░░░░ ░░ ░░░ ░░░ ░░░░ ░░░ ░░ ░░░ ░░░ ░░░░ ░░░ ░░░ ░░ ░░░ ░░░ ░░░░ ░░░ ░░░ ░░░ ░░ ░░░░ ░░░ ░░░ ░░░ ░░░ ░░░░ ░░ ░░░ ░░░ ░░░
LES SPORTS
Courses au Tremblay
░░░░ ░░░ ░░░ ░░░░ ░░ ░░░ ░░░ ░░░ ░░░░ ░░ ░░░ ░░░ ░░░░ ░░░ ░░░ ░░ ░░░ ░░░░ ░░░ ░░░ ░░░ ░░░░ ░░ ░░░ ░░░ ░░░░ ░░░ ░░ ░░░ ░░░ ░░░░ ░░░ ░░░ ░░ ░░░ ░░░ ░░░░ ░░░ ░░░ ░░░ ░░ ░░░░ ░░░ ░░░ ░░░ ░░░ ░░░░ ░░ ░░░ ░░░ ░░░ ░░░░ ░░ ░░░ ░░░ ░░░░ ░░░ ░░ ░░░ ░░░ ░░░░ ░░░ ░░░ ░░ ░░░ ░░░ ░░░░ ░░░ ░░░ ░░░ ░░ ░░░░ ░░░ ░░░ ░░░ ░░░ ░░░░ ░░ ░░░ ░░░ ░░░ ░░░░ ░░ ░░░ ░░░ ░░░░
Escrime
░░░░ ░░░ ░░░ ░░░░ ░░ ░░░ ░░░ ░░░ ░░░░ ░░ ░░░ ░░░ ░░░░ ░░░ ░░░ ░░ ░░░ ░░░░ ░░░ ░░░ ░░░ ░░░░ ░░ ░░░ ░░░ ░░░░ ░░░ ░░ ░░░ ░░░ ░░░░ ░░░ ░░░ ░░ ░░░ ░░░ ░░░░ ░░░ ░░░ ░░░ ░░ ░░░░ ░░░ ░░░ ░░░ ░░░ ░░░░ ░░ ░░░ ░░░ ░░░ ░░░░
Boxe
░░░░ ░░░ ░░░ ░░░░ ░░ ░░░ ░░░ ░░░ ░░░░ ░░ ░░░ ░░░ ░░░░ ░░░ ░░░ ░░ ░░░ ░░░░ ░░░ ░░░ ░░░ ░░░░ ░░ ░░░ ░░░ ░░░░
Bowling
░░░░ ░░░ ░░░ ░░░░ ░░ ░░░ ░░░ ░░░ ░░░░ ░░ ░░░ ░░░ ░░░░ ░░░ ░░░ ░░ ░░░ ░░░░ ░░░ ░░░ ░░░ ░░░░ ░░ ░░░ ░░░ ░░░░ ░░░ ░░ ░░░ ░░░ ░░░░ ░░░ ░░░ ░░ ░░░
EAU D'HOUBIGANT
BIBLIOGRAPHIE
LE LIVRE D'ACTUALITÉ :
T. S. F. LA TÉLÉGRAPHIE
SANS FIL
REVUE FINANCIÈRE
UNIVERSELLE
░░░░ ░░░ ░░░ ░░░░ ░░ ░░░ ░░░ ░░░ ░░░░ ░░ ░░░ ░░░ ░░░░ ░░░ ░░░ ░░ ░░░ ░░░░ ░░░ ░░░ ░░░ ░░░░ ░░ ░░░ ░░░ ░░░░ ░░░ ░░ ░░░ ░░░ ░░░░ ░░░ ░░░ ░░ ░░░ ░░░ ░░░░ ░░░ ░░░ ░░░ ░░ ░░░░ ░░░ ░░░ ░░░ ░░░ ░░░░ ░░ ░░░ ░░░ ░░░ ░░░░ ░░ ░░░ ░░░ ░░░░
POMPEIA
PUBLICATIONS RÉCENTES
░░░░ ░░░ ░░░ ░░░░ ░░ ░░░ ░░░ ░░░ ░░░░ ░░ ░░░ ░░░ ░░░░ ░░░ ░░░ ░░ ░░░ ░░░░ ░░░ ░░░ ░░░ ░░░░ ░░ ░░░ ░░░ ░░░░ ░░░ ░░ ░░░ ░░░ ░░░░ ░░░ ░░░ ░░ ░░░ ░░░ ░░░░ ░░░ ░░░ ░░░ ░░ ░░░░ ░░░ ░░░ ░░░ ░░░ ░░░░ ░░ ░░░ ░░░ ░░░ ░░░░ ░░ ░░░ ░░░ ░░░░ ░░░ ░░ ░░░ ░░░ ░░░░ ░░░ ░░░ ░░
SPECTACLES DU 25 AVRIL
░░░░ ░░░ ░░░ ░░░░ ░░ ░░░ ░░░ ░░░ ░░░░ ░░ ░░░ ░░░ ░░░░ ░░░ ░░░ ░░ ░░░ ░░░░ ░░░ ░░░ ░░░ ░░░░ ░░ ░░░ ░░░ ░░░░ ░░░ ░░ ░░░ ░░░ ░░░░ ░░░ ░░░ ░░ ░░░ ░░░ ░░░░ ░░░ ░░░ ░░░ ░░ ░░░░ ░░░ ░░░ ░░░ ░░░ ░░░░ ░░ ░░░ ░░░ ░░░ ░░░░ ░░ ░░░ ░░░ ░░░░ ░░░ ░░ ░░░ ░░░ ░░░░ ░░░ ░░░ ░░ ░░░ ░░░ ░░░░ ░░░ ░░░ ░░░ ░░ ░░░░ ░░░ ░░░ ░░░ ░░░ ░░░░ ░░ ░░░ ░░░ ░░░ ░░░░ ░░ ░░░ ░░░ ░░░░ ░░░ ░░ ░░░ ░░░ ░░░░ ░░░ ░░░ ░░ ░░░ ░░░ ░░░░ ░░░ ░░░ ░░░ ░░ ░░░░ ░░░ ░░░ ░░░ ░░░ ░░░░ ░░ ░░░ ░░░ ░░░ ░░░░ ░░ ░░░ ░░░ ░░░░ ░░░ ░░ ░░░ ░░░ ░░░░ ░░░ ░░░ ░░ ░░░ ░░░ ░░░░ ░░░ ░░░ ░░░ ░░ ░░░░ ░░░ ░░░ ░░░ ░░░ ░░░░ ░░ ░░░ ░░░ ░░░ ░░░░ ░░ ░░░ ░░░ ░░░░ ░░░ ░░ ░░░
Spectacles du 26 avril
░░░░ ░░░ ░░░ ░░░░ ░░ ░░░ ░░░ ░░░ ░░░░ ░░ ░░░ ░░░
Source gallica.bnf.fr / Bibliothèque nationale de France
